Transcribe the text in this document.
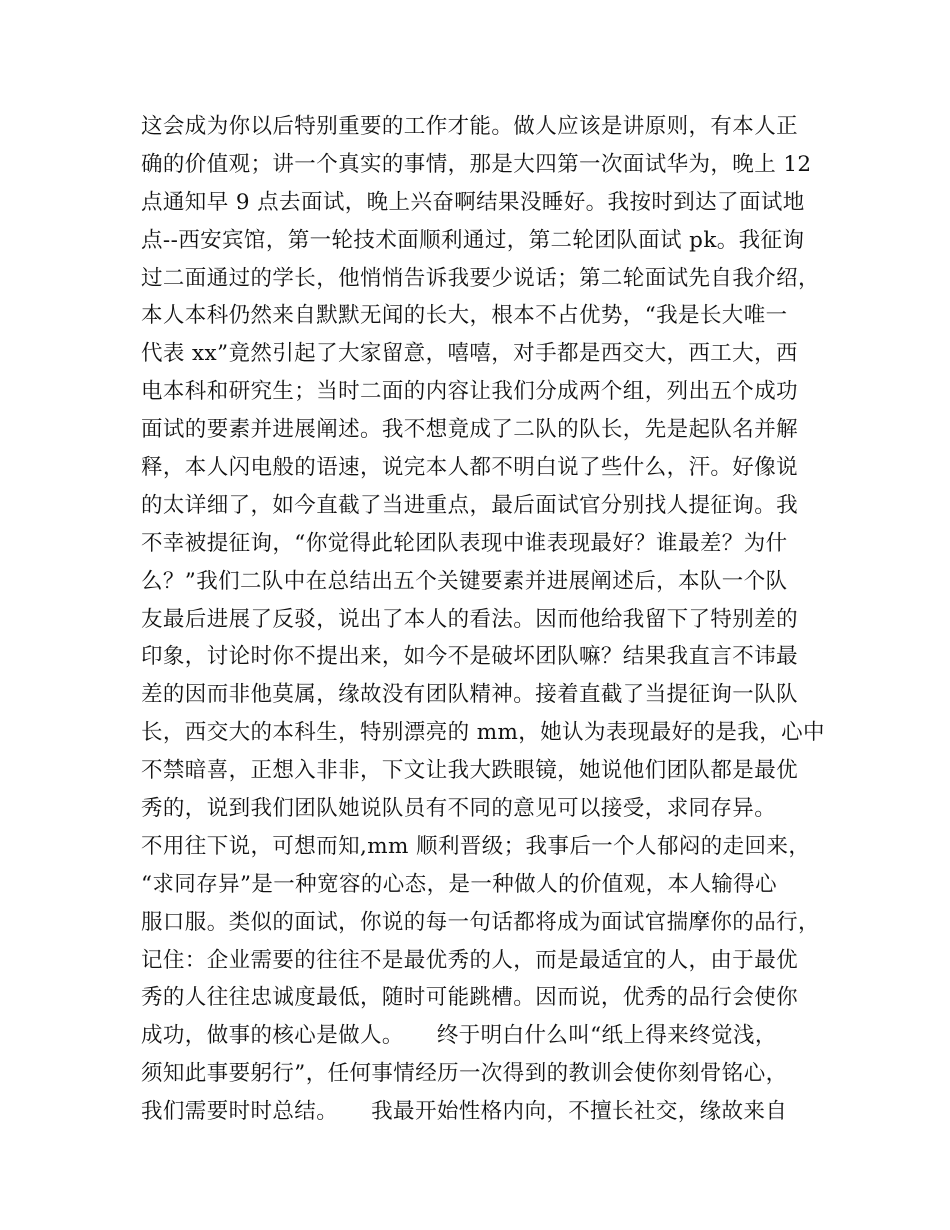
这会成为你以后特别重要的工作才能。做人应该是讲原则，有本人正
确的价值观；讲一个真实的事情，那是大四第一次面试华为，晚上 12
点通知早 9 点去面试，晚上兴奋啊结果没睡好。我按时到达了面试地
点--西安宾馆，第一轮技术面顺利通过，第二轮团队面试 pk。我征询
过二面通过的学长，他悄悄告诉我要少说话；第二轮面试先自我介绍，
本人本科仍然来自默默无闻的长大，根本不占优势，“我是长大唯一
代表 xx”竟然引起了大家留意，嘻嘻，对手都是西交大，西工大，西
电本科和研究生；当时二面的内容让我们分成两个组，列出五个成功
面试的要素并进展阐述。我不想竟成了二队的队长，先是起队名并解
释，本人闪电般的语速，说完本人都不明白说了些什么，汗。好像说
的太详细了，如今直截了当进重点，最后面试官分别找人提征询。我
不幸被提征询，“你觉得此轮团队表现中谁表现最好？谁最差？为什
么？”我们二队中在总结出五个关键要素并进展阐述后，本队一个队
友最后进展了反驳，说出了本人的看法。因而他给我留下了特别差的
印象，讨论时你不提出来，如今不是破坏团队嘛？结果我直言不讳最
差的因而非他莫属，缘故没有团队精神。接着直截了当提征询一队队
长，西交大的本科生，特别漂亮的 mm，她认为表现最好的是我，心中
不禁暗喜，正想入非非，下文让我大跌眼镜，她说他们团队都是最优
秀的，说到我们团队她说队员有不同的意见可以接受，求同存异。
不用往下说，可想而知,mm 顺利晋级；我事后一个人郁闷的走回来，
“求同存异”是一种宽容的心态，是一种做人的价值观，本人输得心
服口服。类似的面试，你说的每一句话都将成为面试官揣摩你的品行，
记住：企业需要的往往不是最优秀的人，而是最适宜的人，由于最优
秀的人往往忠诚度最低，随时可能跳槽。因而说，优秀的品行会使你
成功，做事的核心是做人。　　终于明白什么叫“纸上得来终觉浅，
须知此事要躬行”，任何事情经历一次得到的教训会使你刻骨铭心，
我们需要时时总结。　　我最开始性格内向，不擅长社交，缘故来自
